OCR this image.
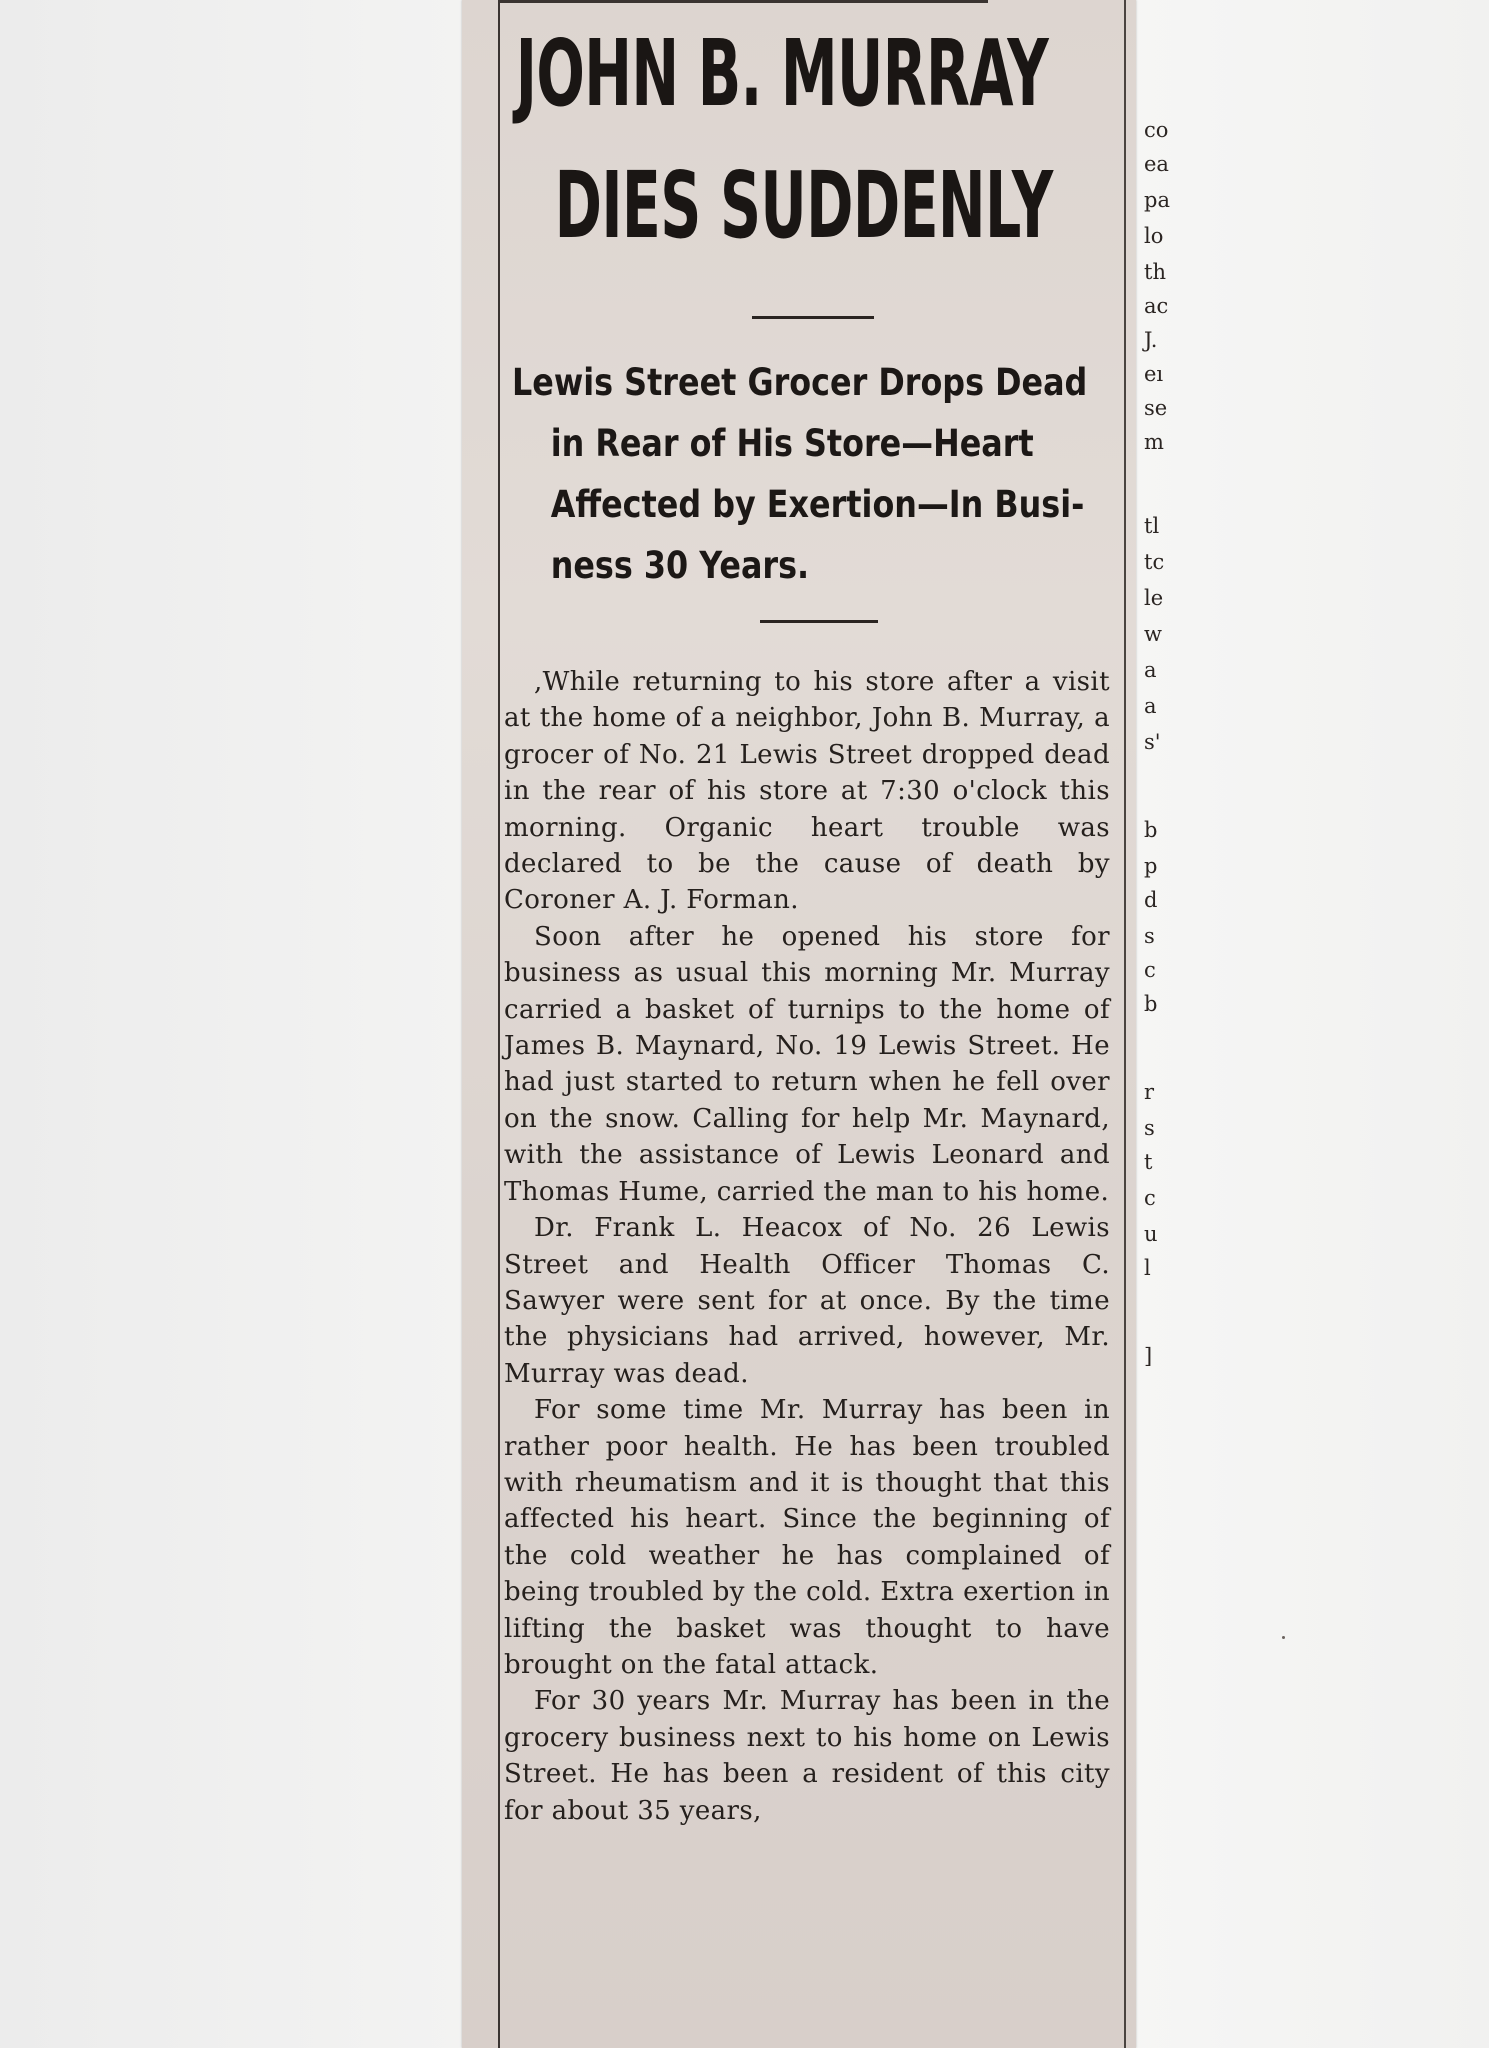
JOHN B. MURRAY
DIES SUDDENLY
Lewis Street Grocer Drops Dead
in Rear of His Store—Heart
Affected by Exertion—In Busi-
ness 30 Years.

,While returning to his store after a visit at the home of a neighbor, John B. Murray, a grocer of No. 21 Lewis Street dropped dead in the rear of his store at 7:30 o'clock this morning. Organic heart trouble was declared to be the cause of death by Coroner A. J. Forman.

Soon after he opened his store for business as usual this morning Mr. Murray carried a basket of turnips to the home of James B. Maynard, No. 19 Lewis Street. He had just started to return when he fell over on the snow. Calling for help Mr. Maynard, with the assistance of Lewis Leonard and Thomas Hume, carried the man to his home.

Dr. Frank L. Heacox of No. 26 Lewis Street and Health Officer Thomas C. Sawyer were sent for at once. By the time the physicians had arrived, however, Mr. Murray was dead.

For some time Mr. Murray has been in rather poor health. He has been troubled with rheumatism and it is thought that this affected his heart. Since the beginning of the cold weather he has complained of being troubled by the cold. Extra exertion in lifting the basket was thought to have brought on the fatal attack.

For 30 years Mr. Murray has been in the grocery business next to his home on Lewis Street. He has been a resident of this city for about 35 years,

co
ea
pa
lo
th
ac
J.
eı
se
m
tl
tc
le
w
a
a
s'
b
p
d
s
c
b
r
s
t
c
u
l
]
